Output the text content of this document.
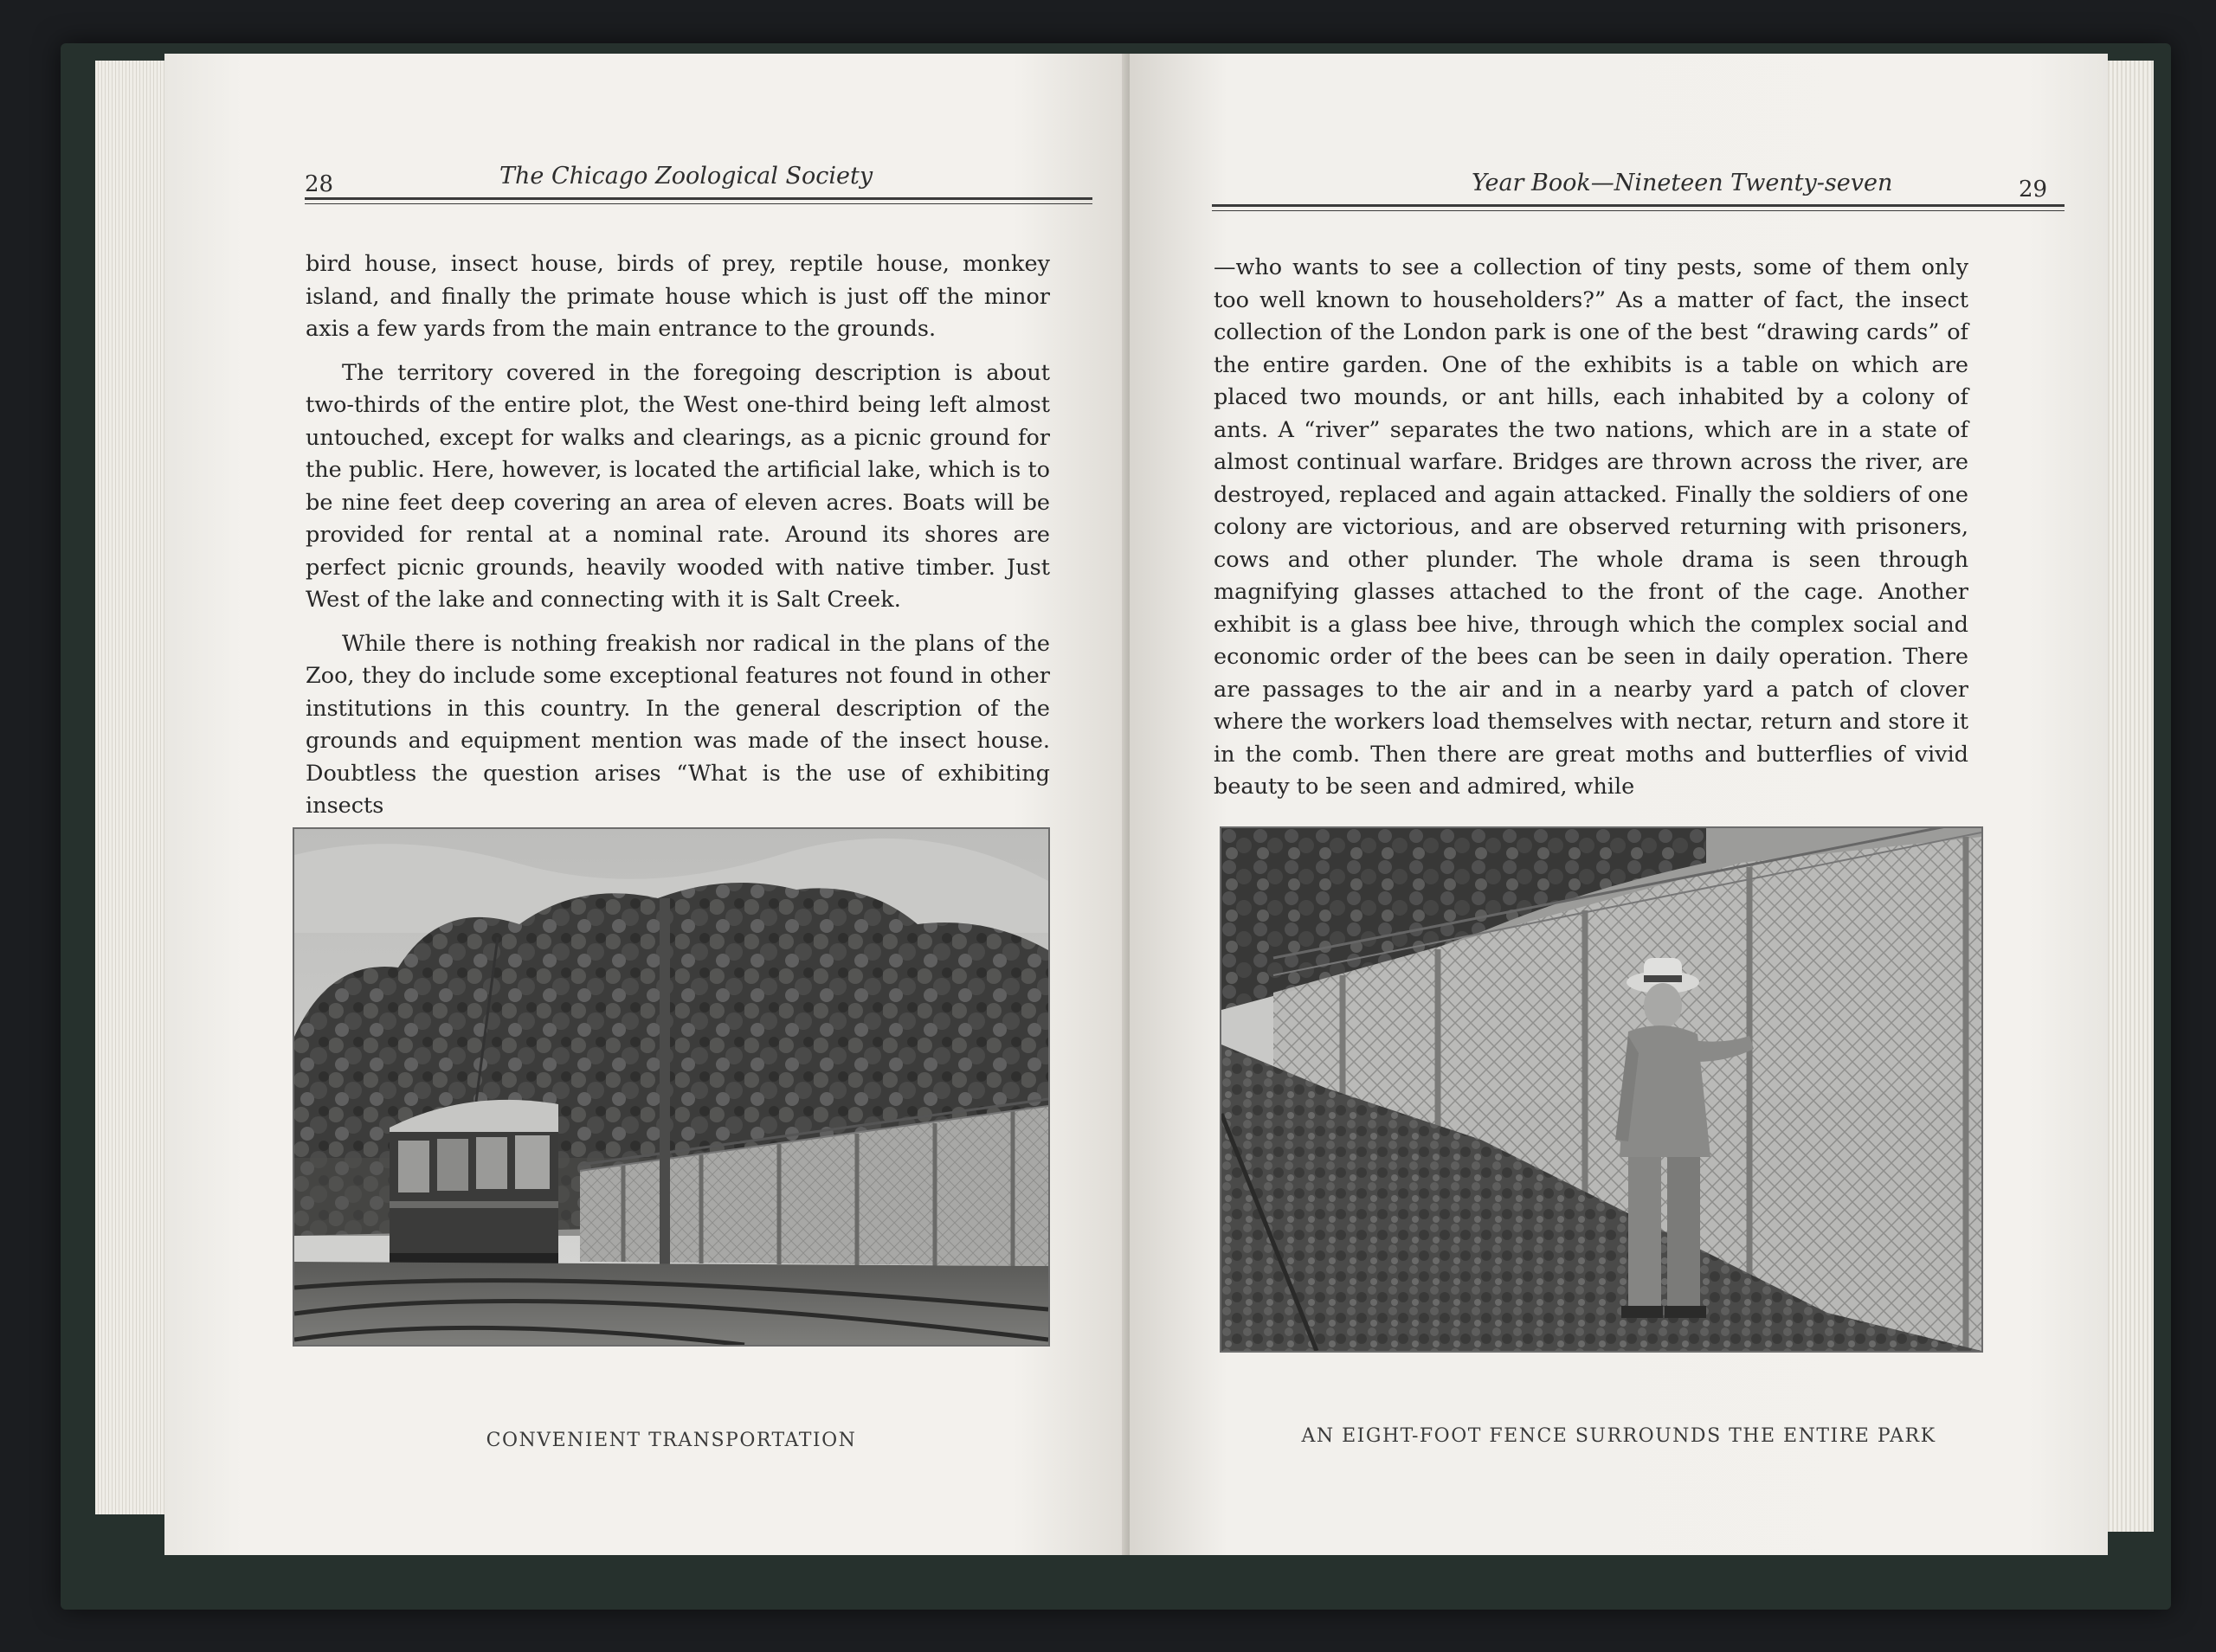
28	The Chicago Zoological Society

bird house, insect house, birds of prey, reptile house, monkey island, and finally the primate house which is just off the minor axis a few yards from the main entrance to the grounds.

The territory covered in the foregoing description is about two-thirds of the entire plot, the West one-third being left almost untouched, except for walks and clearings, as a picnic ground for the public. Here, however, is located the artificial lake, which is to be nine feet deep covering an area of eleven acres. Boats will be provided for rental at a nominal rate. Around its shores are perfect picnic grounds, heavily wooded with native timber. Just West of the lake and connecting with it is Salt Creek.

While there is nothing freakish nor radical in the plans of the Zoo, they do include some exceptional features not found in other institutions in this country. In the general description of the grounds and equipment mention was made of the insect house. Doubtless the question arises “What is the use of exhibiting insects

CONVENIENT TRANSPORTATION
Year Book—Nineteen Twenty-seven	29

—who wants to see a collection of tiny pests, some of them only too well known to householders?” As a matter of fact, the insect collection of the London park is one of the best “drawing cards” of the entire garden. One of the exhibits is a table on which are placed two mounds, or ant hills, each inhabited by a colony of ants. A “river” separates the two nations, which are in a state of almost continual warfare. Bridges are thrown across the river, are destroyed, replaced and again attacked. Finally the soldiers of one colony are victorious, and are observed returning with prisoners, cows and other plunder. The whole drama is seen through magnifying glasses attached to the front of the cage. Another exhibit is a glass bee hive, through which the complex social and economic order of the bees can be seen in daily operation. There are passages to the air and in a nearby yard a patch of clover where the workers load themselves with nectar, return and store it in the comb. Then there are great moths and butterflies of vivid beauty to be seen and admired, while

AN EIGHT-FOOT FENCE SURROUNDS THE ENTIRE PARK
